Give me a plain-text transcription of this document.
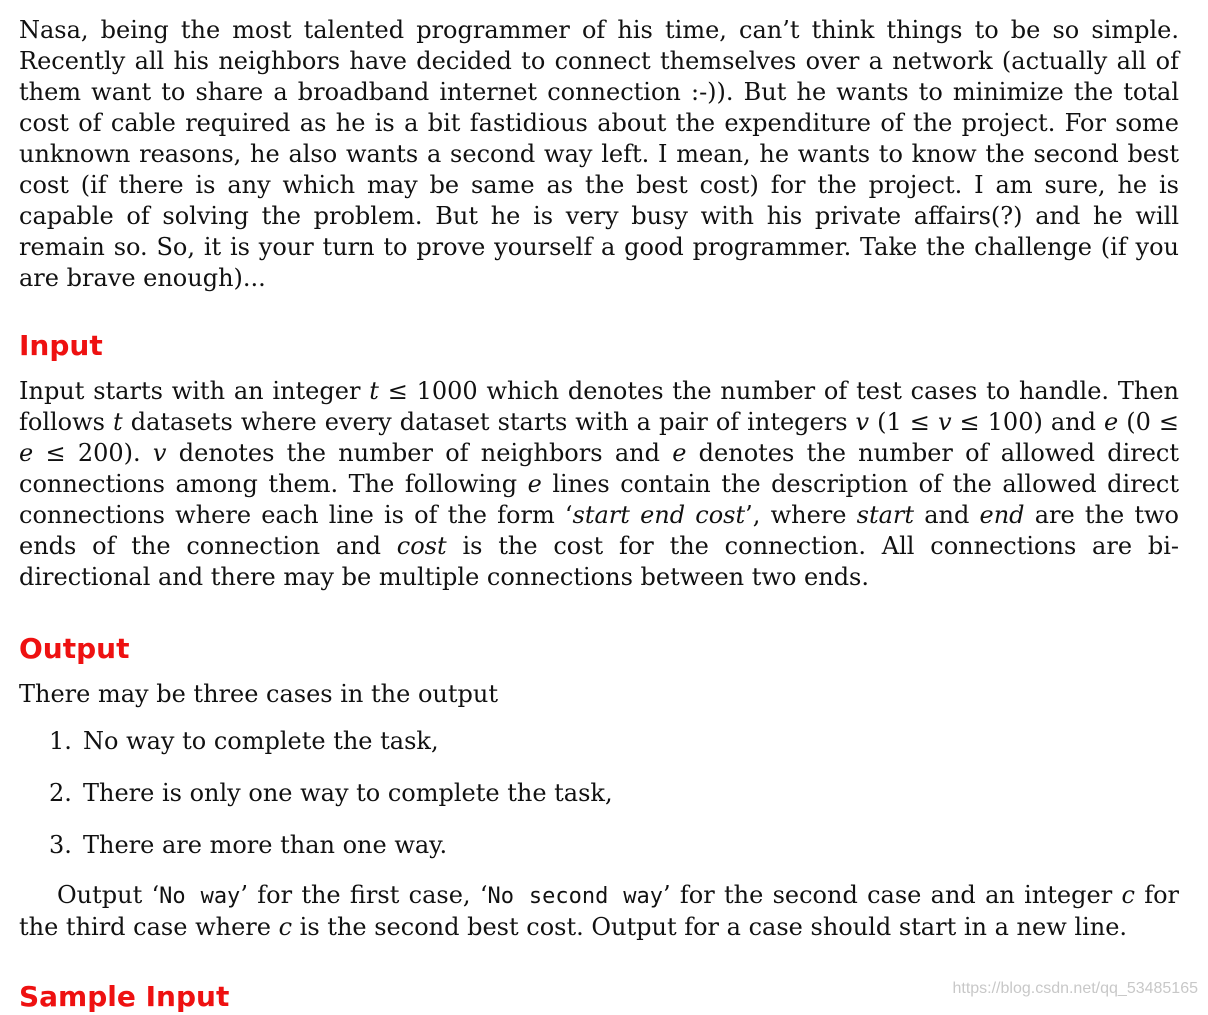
Nasa, being the most talented programmer of his time, can’t think things to be so simple. Recently all his neighbors have decided to connect themselves over a network (actually all of them want to share a broadband internet connection :-)). But he wants to minimize the total cost of cable required as he is a bit fastidious about the expenditure of the project. For some unknown reasons, he also wants a second way left. I mean, he wants to know the second best cost (if there is any which may be same as the best cost) for the project. I am sure, he is capable of solving the problem. But he is very busy with his private affairs(?) and he will remain so. So, it is your turn to prove yourself a good programmer. Take the challenge (if you are brave enough)...

Input

Input starts with an integer t ≤ 1000 which denotes the number of test cases to handle. Then follows t datasets where every dataset starts with a pair of integers v (1 ≤ v ≤ 100) and e (0 ≤ e ≤ 200). v denotes the number of neighbors and e denotes the number of allowed direct connections among them. The following e lines contain the description of the allowed direct connections where each line is of the form ‘start end cost’, where start and end are the two ends of the connection and cost is the cost for the connection. All connections are bi-directional and there may be multiple connections between two ends.

Output

There may be three cases in the output

1. No way to complete the task,
2. There is only one way to complete the task,
3. There are more than one way.

Output ‘No way’ for the first case, ‘No second way’ for the second case and an integer c for the third case where c is the second best cost. Output for a case should start in a new line.

Sample Input	https://blog.csdn.net/qq_53485165
